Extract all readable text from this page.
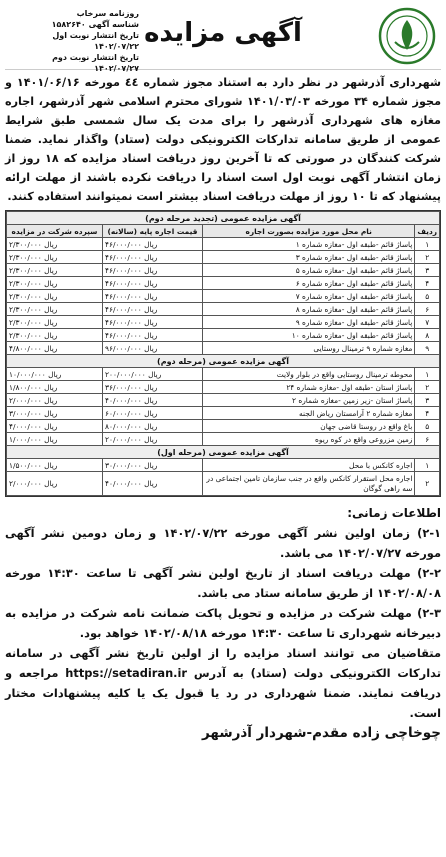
آگهی مزایده
روزنامه سرخاب
شناسه آگهی ۱۵۸۲۶۴۰
تاریخ انتشار نوبت اول ۱۴۰۲/۰۷/۲۲
تاریخ انتشار نوبت دوم ۱۴۰۲/۰۷/۲۷
شهرداری آذرشهر در نظر دارد به استناد مجوز شماره ٤٤ مورخه ۱۴۰۱/۰۶/۱۶ و مجوز شماره ۳۴ مورخه ۱۴۰۱/۰۳/۰۳ شورای محترم اسلامی شهر آذرشهر، اجاره مغازه های شهرداری آذرشهر را برای مدت یک سال شمسی طبق شرایط عمومی از طریق سامانه تدارکات الکترونیکی دولت (ستاد) واگذار نماید. ضمنا شرکت کنندگان در صورتی که تا آخرین روز دریافت اسناد مزایده که ۱۸ روز از زمان انتشار آگهی نوبت اول است اسناد را دریافت نکرده باشند از مهلت ارائه پیشنهاد که تا ۱۰ روز از مهلت دریافت اسناد بیشتر است نمیتوانند استفاده کنند.
آگهی مزایده عمومی (تجدید مرحله دوم)			
ردیف	نام محل مورد مزایده بصورت اجاره	قیمت اجاره پایه (سالانه)	سپرده شرکت در مزایده
۱	پاساژ قائم -طبقه اول -مغازه شماره ۱	۴۶/۰۰۰/۰۰۰ ریال	۲/۳۰۰/۰۰۰ ریال
۲	پاساژ قائم -طبقه اول -مغازه شماره ۳	۴۶/۰۰۰/۰۰۰ ریال	۲/۳۰۰/۰۰۰ ریال
۳	پاساژ قائم -طبقه اول -مغازه شماره ۵	۴۶/۰۰۰/۰۰۰ ریال	۲/۳۰۰/۰۰۰ ریال
۴	پاساژ قائم -طبقه اول -مغازه شماره ۶	۴۶/۰۰۰/۰۰۰ ریال	۲/۳۰۰/۰۰۰ ریال
۵	پاساژ قائم -طبقه اول -مغازه شماره ۷	۴۶/۰۰۰/۰۰۰ ریال	۲/۳۰۰/۰۰۰ ریال
۶	پاساژ قائم -طبقه اول -مغازه شماره ۸	۴۶/۰۰۰/۰۰۰ ریال	۲/۳۰۰/۰۰۰ ریال
۷	پاساژ قائم -طبقه اول -مغازه شماره ۹	۴۶/۰۰۰/۰۰۰ ریال	۲/۳۰۰/۰۰۰ ریال
۸	پاساژ قائم -طبقه اول -مغازه شماره ۱۰	۴۶/۰۰۰/۰۰۰ ریال	۲/۳۰۰/۰۰۰ ریال
۹	مغازه شماره ۹ ترمینال روستایی	۹۶/۰۰۰/۰۰۰ ریال	۴/۸۰۰/۰۰۰ ریال
آگهی مزایده عمومی (مرحله دوم)			
۱	محوطه ترمینال روستایی واقع در بلوار ولایت	۲۰۰/۰۰۰/۰۰۰ ریال	۱۰/۰۰۰/۰۰۰ ریال
۲	پاساژ استان -طبقه اول -مغازه شماره ۲۴	۳۶/۰۰۰/۰۰۰ ریال	۱/۸۰۰/۰۰۰ ریال
۳	پاساژ استان -زیر زمین -مغازه شماره ۲	۴۰/۰۰۰/۰۰۰ ریال	۲/۰۰۰/۰۰۰ ریال
۴	مغازه شماره ۲ آرامستان ریاض الجنه	۶۰/۰۰۰/۰۰۰ ریال	۳/۰۰۰/۰۰۰ ریال
۵	باغ واقع در روستا قاضی جهان	۸۰/۰۰۰/۰۰۰ ریال	۴/۰۰۰/۰۰۰ ریال
۶	زمین مزروعی واقع در کوه ریوه	۲۰/۰۰۰/۰۰۰ ریال	۱/۰۰۰/۰۰۰ ریال
آگهی مزایده عمومی (مرحله اول)			
۱	اجاره کانکس با محل	۳۰/۰۰۰/۰۰۰ ریال	۱/۵۰۰/۰۰۰ ریال
۲	اجاره محل استقرار کانکس واقع در جنب سازمان تامین اجتماعی در سه راهی گوگان	۴۰/۰۰۰/۰۰۰ ریال	۲/۰۰۰/۰۰۰ ریال
اطلاعات زمانی:
۲-۱) زمان اولین نشر آگهی مورخه ۱۴۰۲/۰۷/۲۲ و زمان دومین نشر آگهی مورخه ۱۴۰۲/۰۷/۲۷ می باشد.
۲-۲) مهلت دریافت اسناد از تاریخ اولین نشر آگهی تا ساعت ۱۴:۳۰ مورخه ۱۴۰۲/۰۸/۰۸ از طریق سامانه ستاد می باشد.
۲-۳) مهلت شرکت در مزایده و تحویل پاکت ضمانت نامه شرکت در مزایده به دبیرخانه شهرداری تا ساعت ۱۴:۳۰ مورخه ۱۴۰۲/۰۸/۱۸ خواهد بود.
متقاضیان می توانند اسناد مزایده را از اولین تاریخ نشر آگهی در سامانه تدارکات الکترونیکی دولت (ستاد) به آدرس https://setadiran.ir مراجعه و دریافت نمایند. ضمنا شهرداری در رد یا قبول یک یا کلیه پیشنهادات مختار است.
چوخاچی زاده مقدم-شهردار آذرشهر
